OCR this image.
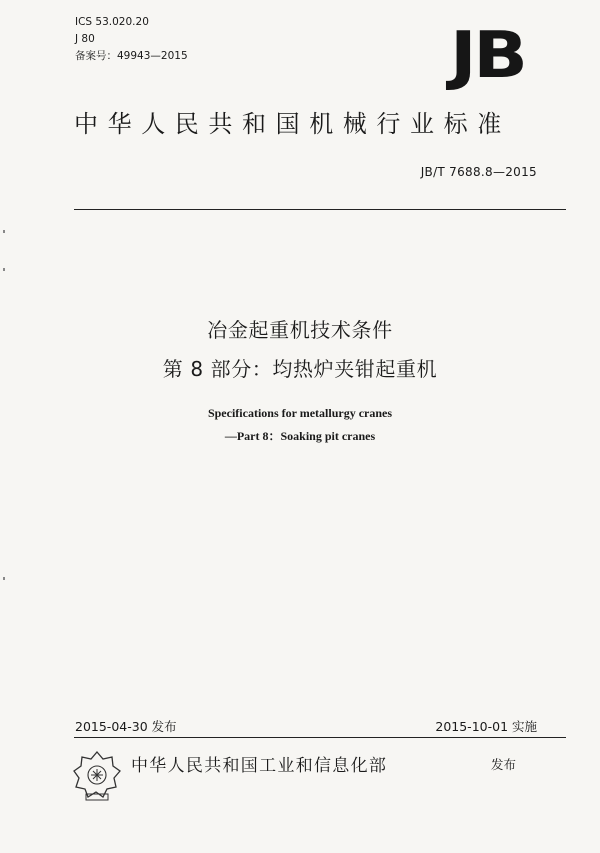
ICS 53.020.20
J 80
备案号：49943—2015	JB
中华人民共和国机械行业标准
JB/T 7688.8—2015
冶金起重机技术条件
第 8 部分：均热炉夹钳起重机
Specifications for metallurgy cranes
—Part 8：Soaking pit cranes
2015-04-30 发布	2015-10-01 实施
中华人民共和国工业和信息化部	发布
